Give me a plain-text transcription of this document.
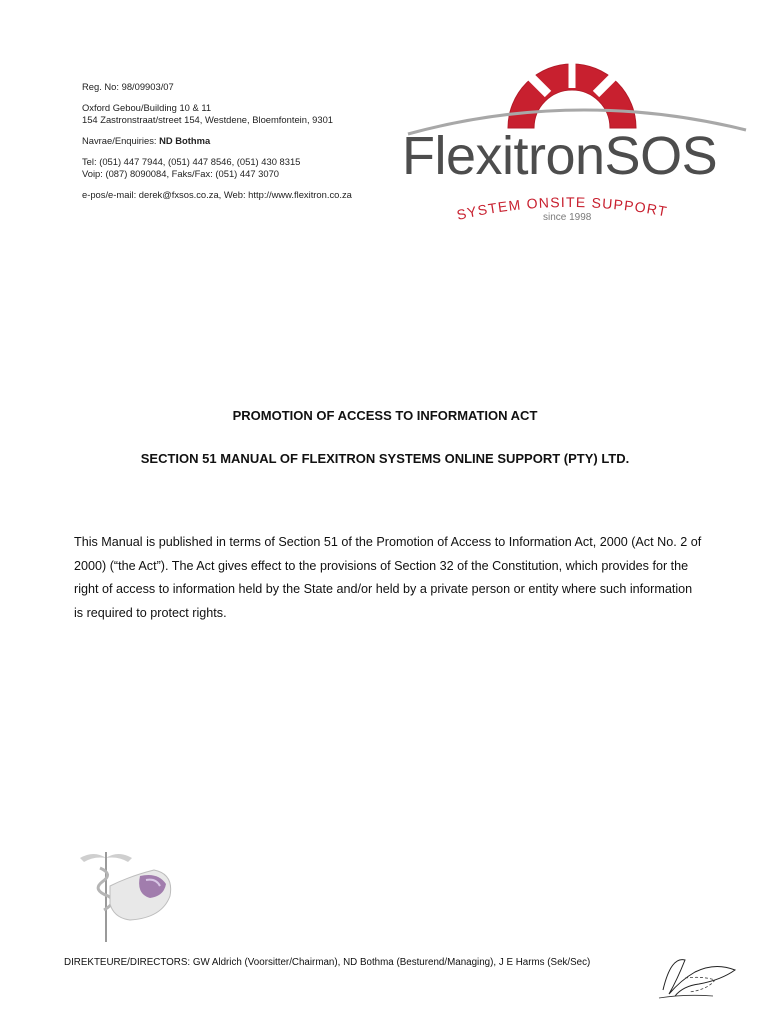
Reg. No: 98/09903/07
Oxford Gebou/Building 10 & 11
154 Zastronstraat/street 154, Westdene, Bloemfontein, 9301
Navrae/Enquiries: ND Bothma
Tel: (051) 447 7944, (051) 447 8546, (051) 430 8315
Voip: (087) 8090084, Faks/Fax: (051) 447 3070
e-pos/e-mail: derek@fxsos.co.za, Web: http://www.flexitron.co.za
FlexitronSOS
SYSTEM ONSITE SUPPORT
since 1998
PROMOTION OF ACCESS TO INFORMATION ACT
SECTION 51 MANUAL OF FLEXITRON SYSTEMS ONLINE SUPPORT (PTY) LTD.
This Manual is published in terms of Section 51 of the Promotion of Access to Information Act, 2000 (Act No. 2 of 2000) (“the Act”). The Act gives effect to the provisions of Section 32 of the Constitution, which provides for the right of access to information held by the State and/or held by a private person or entity where such information is required to protect rights.
DIREKTEURE/DIRECTORS: GW Aldrich (Voorsitter/Chairman), ND Bothma (Besturend/Managing), J E Harms (Sek/Sec)
